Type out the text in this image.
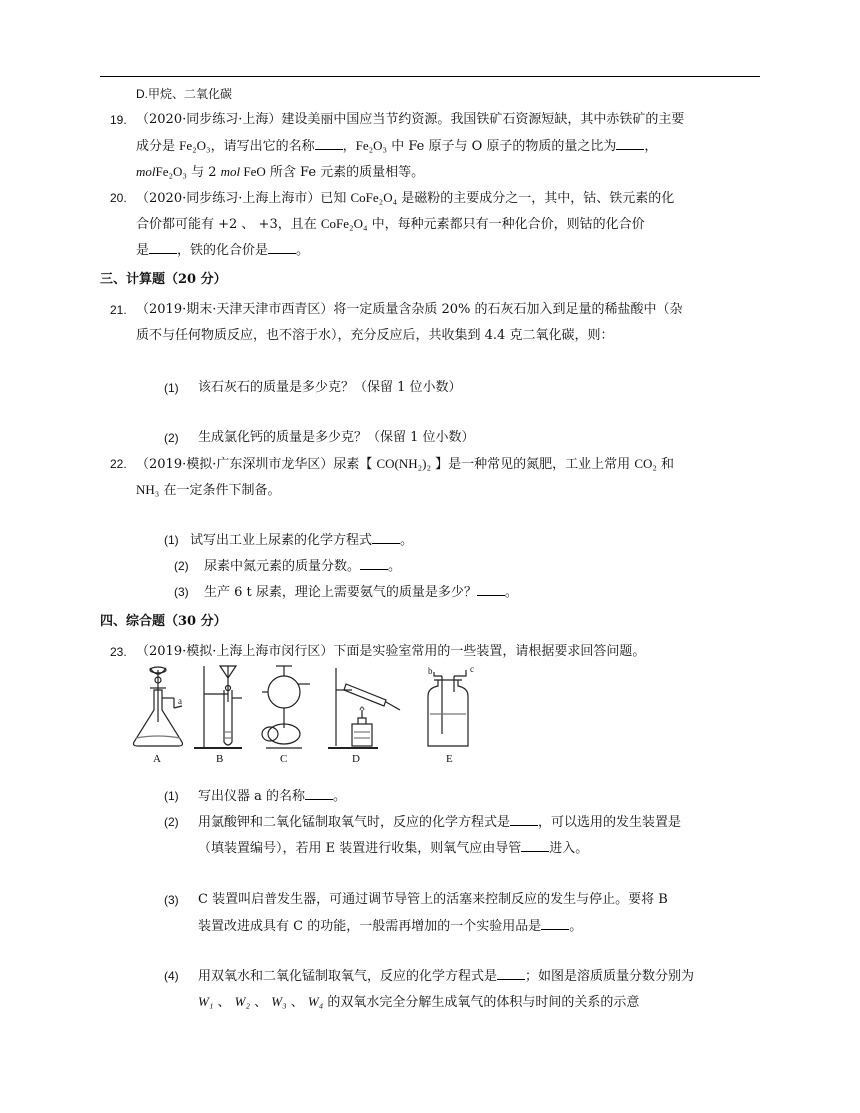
D.甲烷、二氧化碳
19. （2020·同步练习·上海）建设美丽中国应当节约资源。我国铁矿石资源短缺，其中赤铁矿的主要
成分是 Fe₂O₃，请写出它的名称 ，Fe₂O₃ 中 Fe 原子与 O 原子的物质的量之比为 ，
molFe₂O₃ 与 2 mol FeO 所含 Fe 元素的质量相等。
20. （2020·同步练习·上海上海市）已知 CoFe₂O₄ 是磁粉的主要成分之一，其中，钴、铁元素的化
合价都可能有 +2 、 +3，且在 CoFe₂O₄ 中，每种元素都只有一种化合价，则钴的化合价
是 ，铁的化合价是 。
三、计算题（20 分）
21. （2019·期末·天津天津市西青区）将一定质量含杂质 20% 的石灰石加入到足量的稀盐酸中（杂
质不与任何物质反应，也不溶于水），充分反应后，共收集到 4.4 克二氧化碳，则：
(1) 该石灰石的质量是多少克？（保留 1 位小数）
(2) 生成氯化钙的质量是多少克？（保留 1 位小数）
22. （2019·模拟·广东深圳市龙华区）尿素【 CO(NH₂)₂ 】是一种常见的氮肥，工业上常用 CO₂ 和
NH₃ 在一定条件下制备。
(1) 试写出工业上尿素的化学方程式 。
(2) 尿素中氮元素的质量分数。 。
(3) 生产 6 t 尿素，理论上需要氨气的质量是多少？ 。
四、综合题（30 分）
23. （2019·模拟·上海上海市闵行区）下面是实验室常用的一些装置，请根据要求回答问题。
A	B	C	D	E
a
b	c
(1) 写出仪器 a 的名称 。
(2) 用氯酸钾和二氧化锰制取氧气时，反应的化学方程式是 ，可以选用的发生装置是
（填装置编号），若用 E 装置进行收集，则氧气应由导管 进入。
(3) C 装置叫启普发生器，可通过调节导管上的活塞来控制反应的发生与停止。要将 B
装置改进成具有 C 的功能，一般需再增加的一个实验用品是 。
(4) 用双氧水和二氧化锰制取氧气，反应的化学方程式是 ；如图是溶质质量分数分别为
W₁ 、 W₂ 、 W₃ 、 W₄ 的双氧水完全分解生成氧气的体积与时间的关系的示意
